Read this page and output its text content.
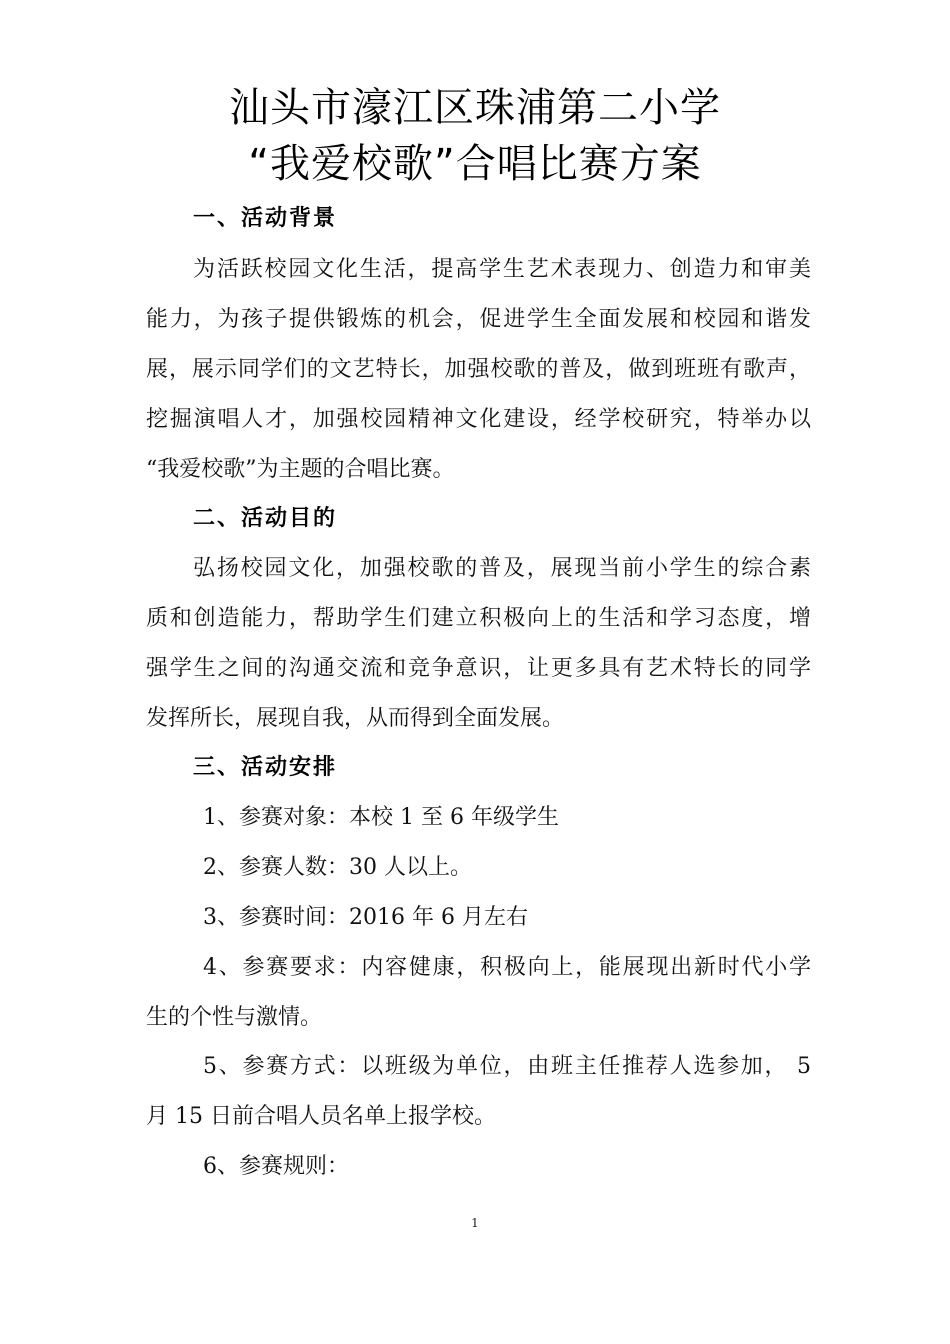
汕头市濠江区珠浦第二小学
“我爱校歌”合唱比赛方案
一、活动背景
为活跃校园文化生活，提高学生艺术表现力、创造力和审美
能力，为孩子提供锻炼的机会，促进学生全面发展和校园和谐发
展，展示同学们的文艺特长，加强校歌的普及，做到班班有歌声，
挖掘演唱人才，加强校园精神文化建设，经学校研究，特举办以
“我爱校歌”为主题的合唱比赛。
二、活动目的
弘扬校园文化，加强校歌的普及，展现当前小学生的综合素
质和创造能力，帮助学生们建立积极向上的生活和学习态度，增
强学生之间的沟通交流和竞争意识，让更多具有艺术特长的同学
发挥所长，展现自我，从而得到全面发展。
三、活动安排
1、参赛对象：本校 1 至 6 年级学生
2、参赛人数：30 人以上。
3、参赛时间：2016 年 6 月左右
4、参赛要求：内容健康，积极向上，能展现出新时代小学
生的个性与激情。
5、参赛方式：以班级为单位，由班主任推荐人选参加， 5
月 15 日前合唱人员名单上报学校。
6、参赛规则：
1
